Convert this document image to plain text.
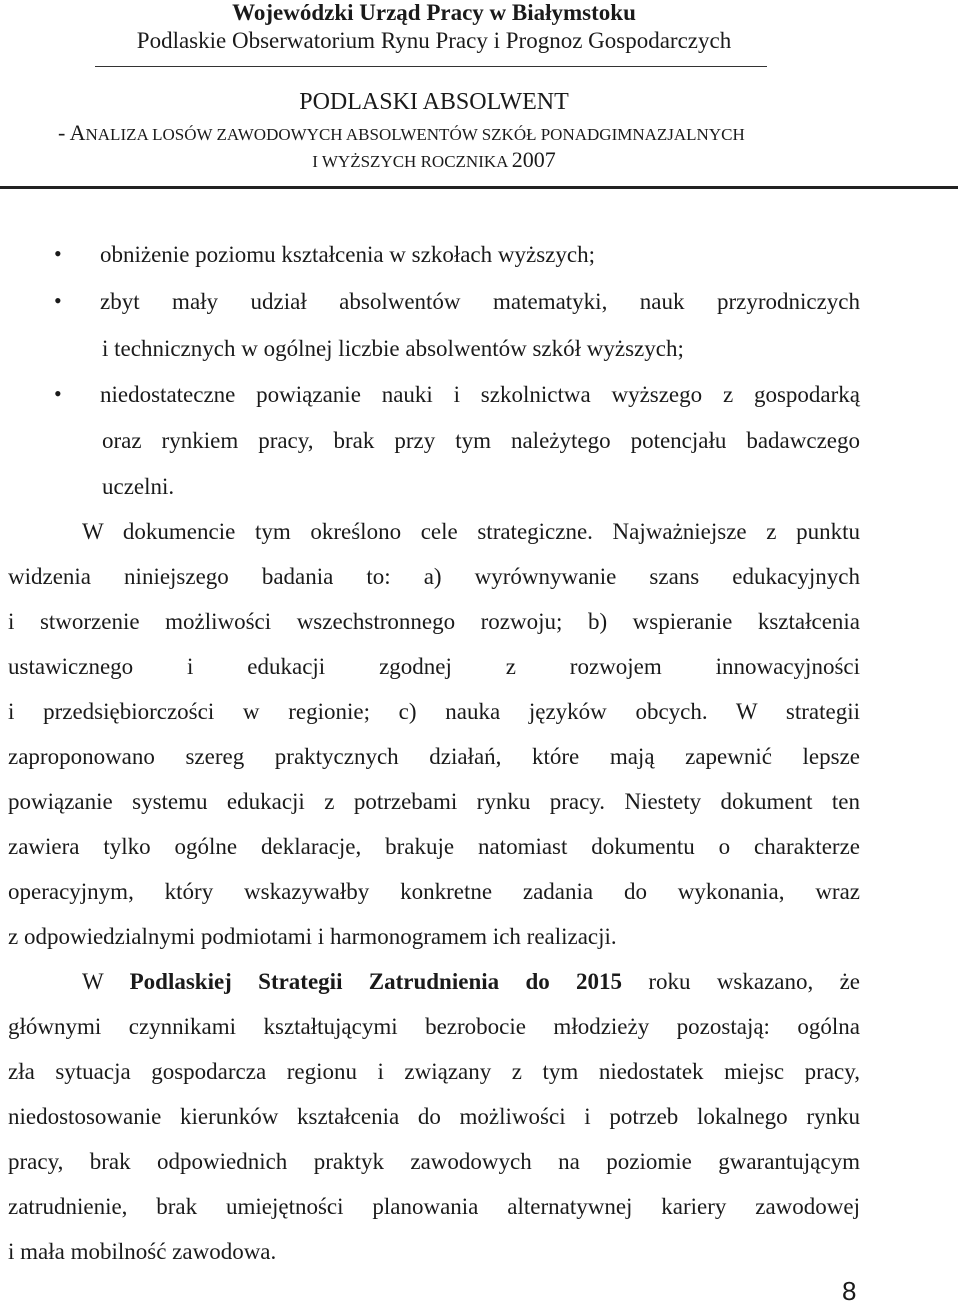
Wojewódzki Urząd Pracy w Białymstoku
Podlaskie Obserwatorium Rynu Pracy i Prognoz Gospodarczych
PODLASKI ABSOLWENT
- ANALIZA LOSÓW ZAWODOWYCH ABSOLWENTÓW SZKÓŁ PONADGIMNAZJALNYCH
I WYŻSZYCH ROCZNIKA 2007
• obniżenie poziomu kształcenia w szkołach wyższych;
• zbyt mały udział absolwentów matematyki, nauk przyrodniczych
i technicznych w ogólnej liczbie absolwentów szkół wyższych;
• niedostateczne powiązanie nauki i szkolnictwa wyższego z gospodarką
oraz rynkiem pracy, brak przy tym należytego potencjału badawczego
uczelni.
W dokumencie tym określono cele strategiczne. Najważniejsze z punktu
widzenia niniejszego badania to: a) wyrównywanie szans edukacyjnych
i stworzenie możliwości wszechstronnego rozwoju; b) wspieranie kształcenia
ustawicznego i edukacji zgodnej z rozwojem innowacyjności
i przedsiębiorczości w regionie; c) nauka języków obcych. W strategii
zaproponowano szereg praktycznych działań, które mają zapewnić lepsze
powiązanie systemu edukacji z potrzebami rynku pracy. Niestety dokument ten
zawiera tylko ogólne deklaracje, brakuje natomiast dokumentu o charakterze
operacyjnym, który wskazywałby konkretne zadania do wykonania, wraz
z odpowiedzialnymi podmiotami i harmonogramem ich realizacji.
W Podlaskiej Strategii Zatrudnienia do 2015 roku wskazano, że
głównymi czynnikami kształtującymi bezrobocie młodzieży pozostają: ogólna
zła sytuacja gospodarcza regionu i związany z tym niedostatek miejsc pracy,
niedostosowanie kierunków kształcenia do możliwości i potrzeb lokalnego rynku
pracy, brak odpowiednich praktyk zawodowych na poziomie gwarantującym
zatrudnienie, brak umiejętności planowania alternatywnej kariery zawodowej
i mała mobilność zawodowa.
8
